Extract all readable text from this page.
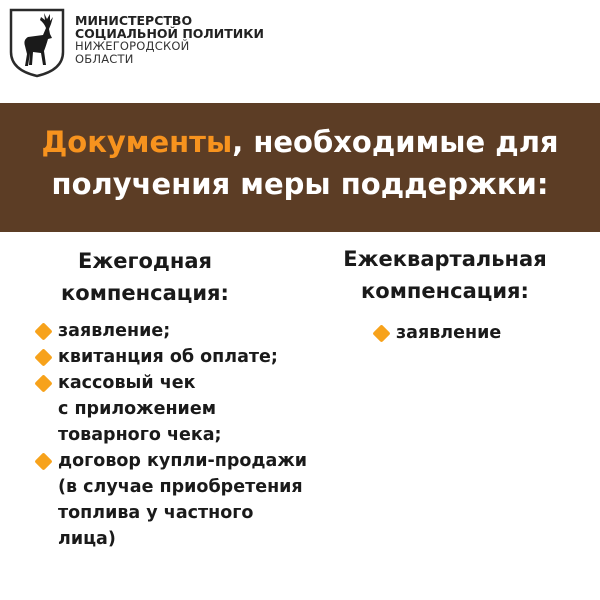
МИНИСТЕРСТВО
СОЦИАЛЬНОЙ ПОЛИТИКИ
НИЖЕГОРОДСКОЙ
ОБЛАСТИ
Документы, необходимые для
получения меры поддержки:
Ежегодная
компенсация:
Ежеквартальная
компенсация:
заявление;
квитанция об оплате;
кассовый чек
с приложением
товарного чека;
договор купли-продажи
(в случае приобретения
топлива у частного
лица)
заявление
